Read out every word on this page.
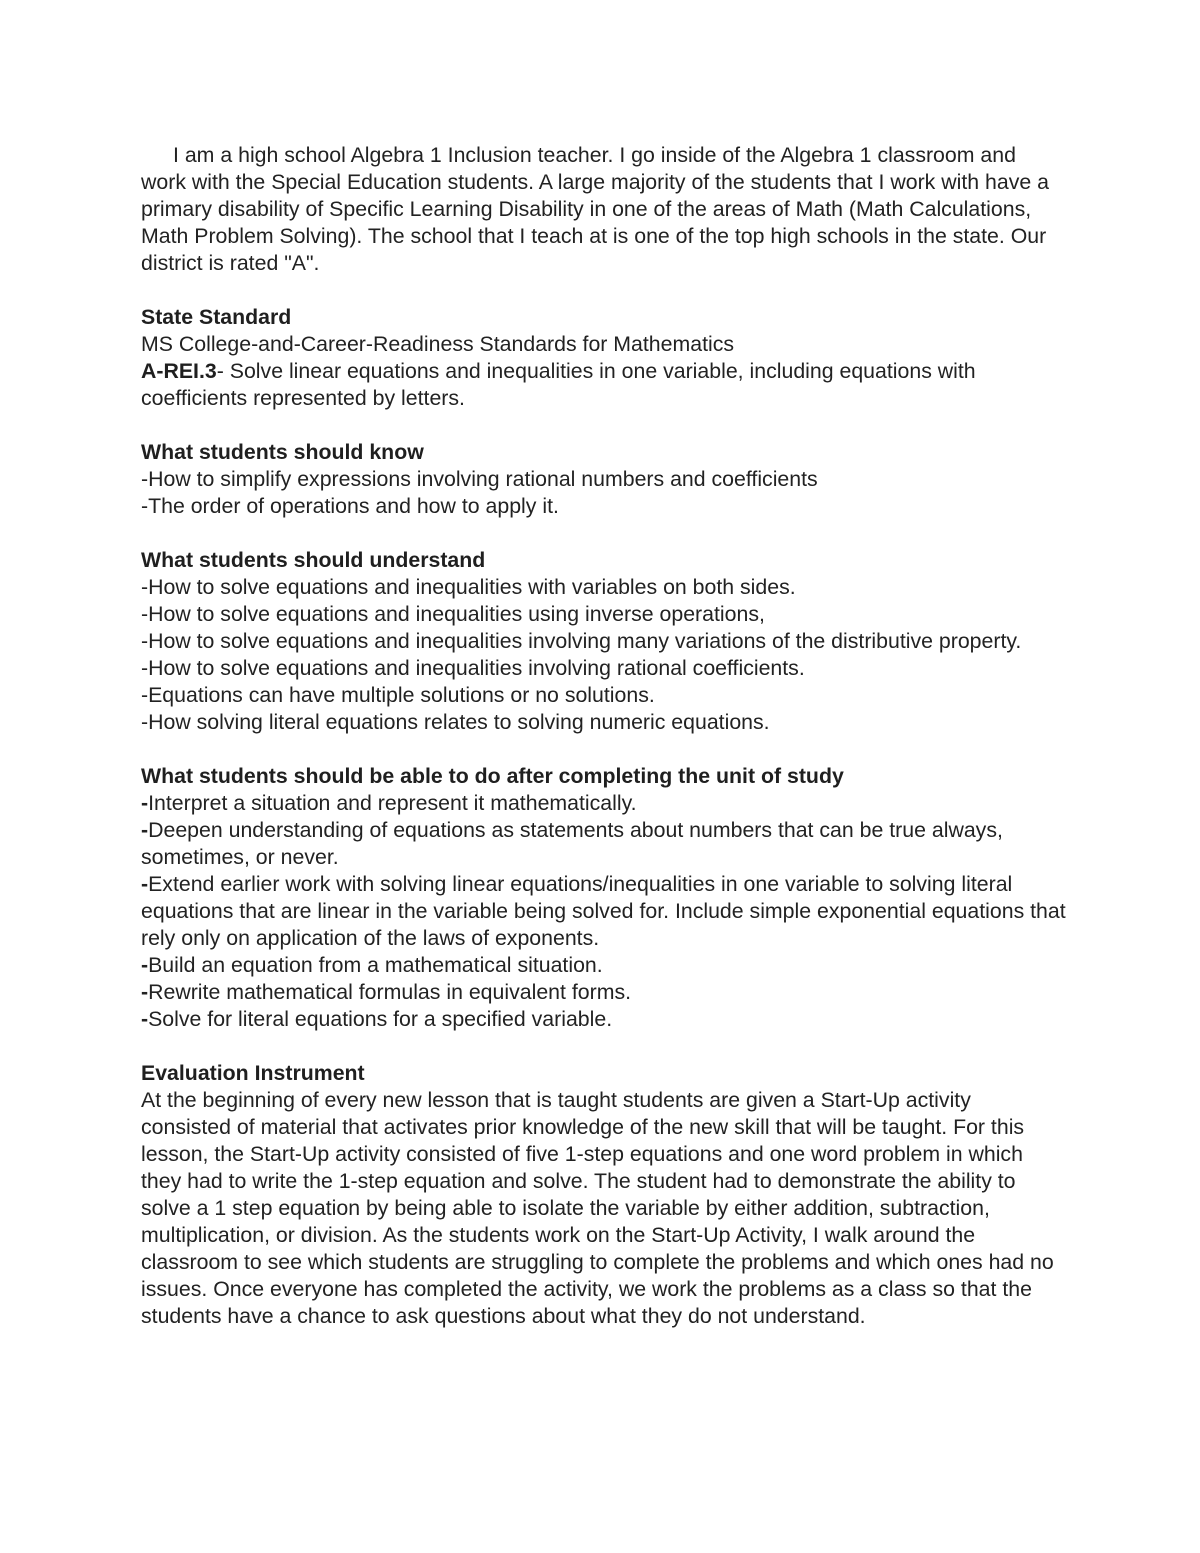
I am a high school Algebra 1 Inclusion teacher. I go inside of the Algebra 1 classroom and work with the Special Education students. A large majority of the students that I work with have a primary disability of Specific Learning Disability in one of the areas of Math (Math Calculations, Math Problem Solving). The school that I teach at is one of the top high schools in the state. Our district is rated "A".

State Standard

MS College-and-Career-Readiness Standards for Mathematics

A-REI.3- Solve linear equations and inequalities in one variable, including equations with coefficients represented by letters.

What students should know

-How to simplify expressions involving rational numbers and coefficients

-The order of operations and how to apply it.

What students should understand

-How to solve equations and inequalities with variables on both sides.

-How to solve equations and inequalities using inverse operations,

-How to solve equations and inequalities involving many variations of the distributive property.

-How to solve equations and inequalities involving rational coefficients.

-Equations can have multiple solutions or no solutions.

-How solving literal equations relates to solving numeric equations.

What students should be able to do after completing the unit of study

-Interpret a situation and represent it mathematically.

-Deepen understanding of equations as statements about numbers that can be true always, sometimes, or never.

-Extend earlier work with solving linear equations/inequalities in one variable to solving literal equations that are linear in the variable being solved for. Include simple exponential equations that rely only on application of the laws of exponents.

-Build an equation from a mathematical situation.

-Rewrite mathematical formulas in equivalent forms.

-Solve for literal equations for a specified variable.

Evaluation Instrument

At the beginning of every new lesson that is taught students are given a Start-Up activity consisted of material that activates prior knowledge of the new skill that will be taught. For this lesson, the Start-Up activity consisted of five 1-step equations and one word problem in which they had to write the 1-step equation and solve. The student had to demonstrate the ability to solve a 1 step equation by being able to isolate the variable by either addition, subtraction, multiplication, or division. As the students work on the Start-Up Activity, I walk around the classroom to see which students are struggling to complete the problems and which ones had no issues. Once everyone has completed the activity, we work the problems as a class so that the students have a chance to ask questions about what they do not understand.
